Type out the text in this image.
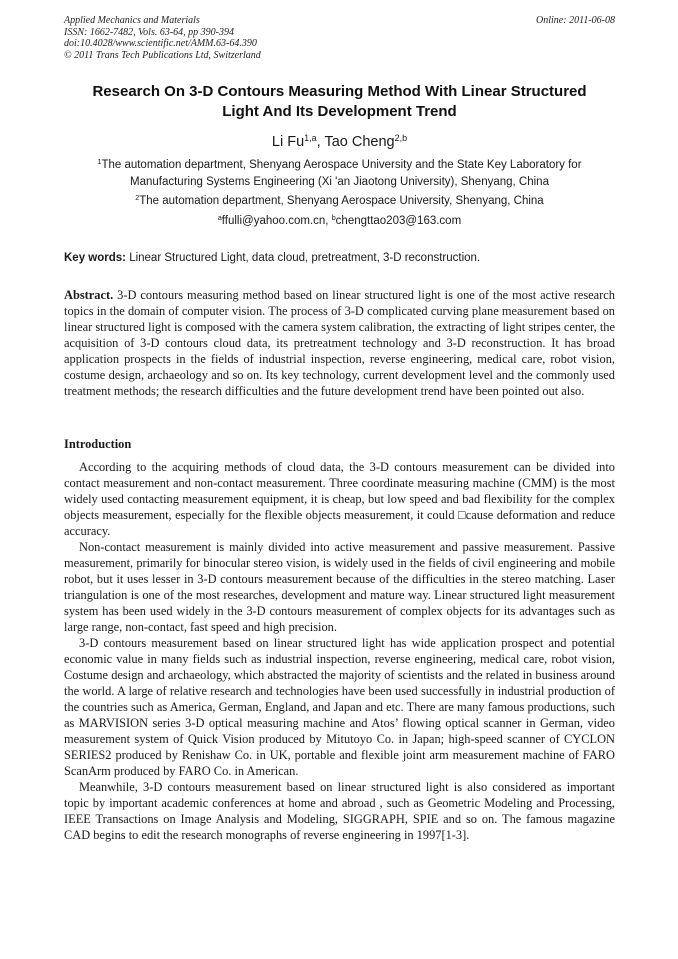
Applied Mechanics and Materials
ISSN: 1662-7482, Vols. 63-64, pp 390-394
doi:10.4028/www.scientific.net/AMM.63-64.390
© 2011 Trans Tech Publications Ltd, Switzerland
Online: 2011-06-08
Research On 3-D Contours Measuring Method With Linear Structured
Light And Its Development Trend
Li Fu$^{1,a}$, Tao Cheng$^{2,b}$
$^1$The automation department, Shenyang Aerospace University and the State Key Laboratory for
Manufacturing Systems Engineering (Xi 'an Jiaotong University), Shenyang, China
$^2$The automation department, Shenyang Aerospace University, Shenyang, China
$^a$ffulli@yahoo.com.cn, $^b$chengttao203@163.com
Key words: Linear Structured Light, data cloud, pretreatment, 3-D reconstruction.
Abstract. 3-D contours measuring method based on linear structured light is one of the most active research topics in the domain of computer vision. The process of 3-D complicated curving plane measurement based on linear structured light is composed with the camera system calibration, the extracting of light stripes center, the acquisition of 3-D contours cloud data, its pretreatment technology and 3-D reconstruction. It has broad application prospects in the fields of industrial inspection, reverse engineering, medical care, robot vision, costume design, archaeology and so on. Its key technology, current development level and the commonly used treatment methods; the research difficulties and the future development trend have been pointed out also.
Introduction

According to the acquiring methods of cloud data, the 3-D contours measurement can be divided into contact measurement and non-contact measurement. Three coordinate measuring machine (CMM) is the most widely used contacting measurement equipment, it is cheap, but low speed and bad flexibility for the complex objects measurement, especially for the flexible objects measurement, it could □cause deformation and reduce accuracy.

Non-contact measurement is mainly divided into active measurement and passive measurement. Passive measurement, primarily for binocular stereo vision, is widely used in the fields of civil engineering and mobile robot, but it uses lesser in 3-D contours measurement because of the difficulties in the stereo matching. Laser triangulation is one of the most researches, development and mature way. Linear structured light measurement system has been used widely in the 3-D contours measurement of complex objects for its advantages such as large range, non-contact, fast speed and high precision.

3-D contours measurement based on linear structured light has wide application prospect and potential economic value in many fields such as industrial inspection, reverse engineering, medical care, robot vision, Costume design and archaeology, which abstracted the majority of scientists and the related in business around the world. A large of relative research and technologies have been used successfully in industrial production of the countries such as America, German, England, and Japan and etc. There are many famous productions, such as MARVISION series 3-D optical measuring machine and Atos’ flowing optical scanner in German, video measurement system of Quick Vision produced by Mitutoyo Co. in Japan; high-speed scanner of CYCLON SERIES2 produced by Renishaw Co. in UK, portable and flexible joint arm measurement machine of FARO ScanArm produced by FARO Co. in American.

Meanwhile, 3-D contours measurement based on linear structured light is also considered as important topic by important academic conferences at home and abroad , such as Geometric Modeling and Processing, IEEE Transactions on Image Analysis and Modeling, SIGGRAPH, SPIE and so on. The famous magazine CAD begins to edit the research monographs of reverse engineering in 1997[1-3].
